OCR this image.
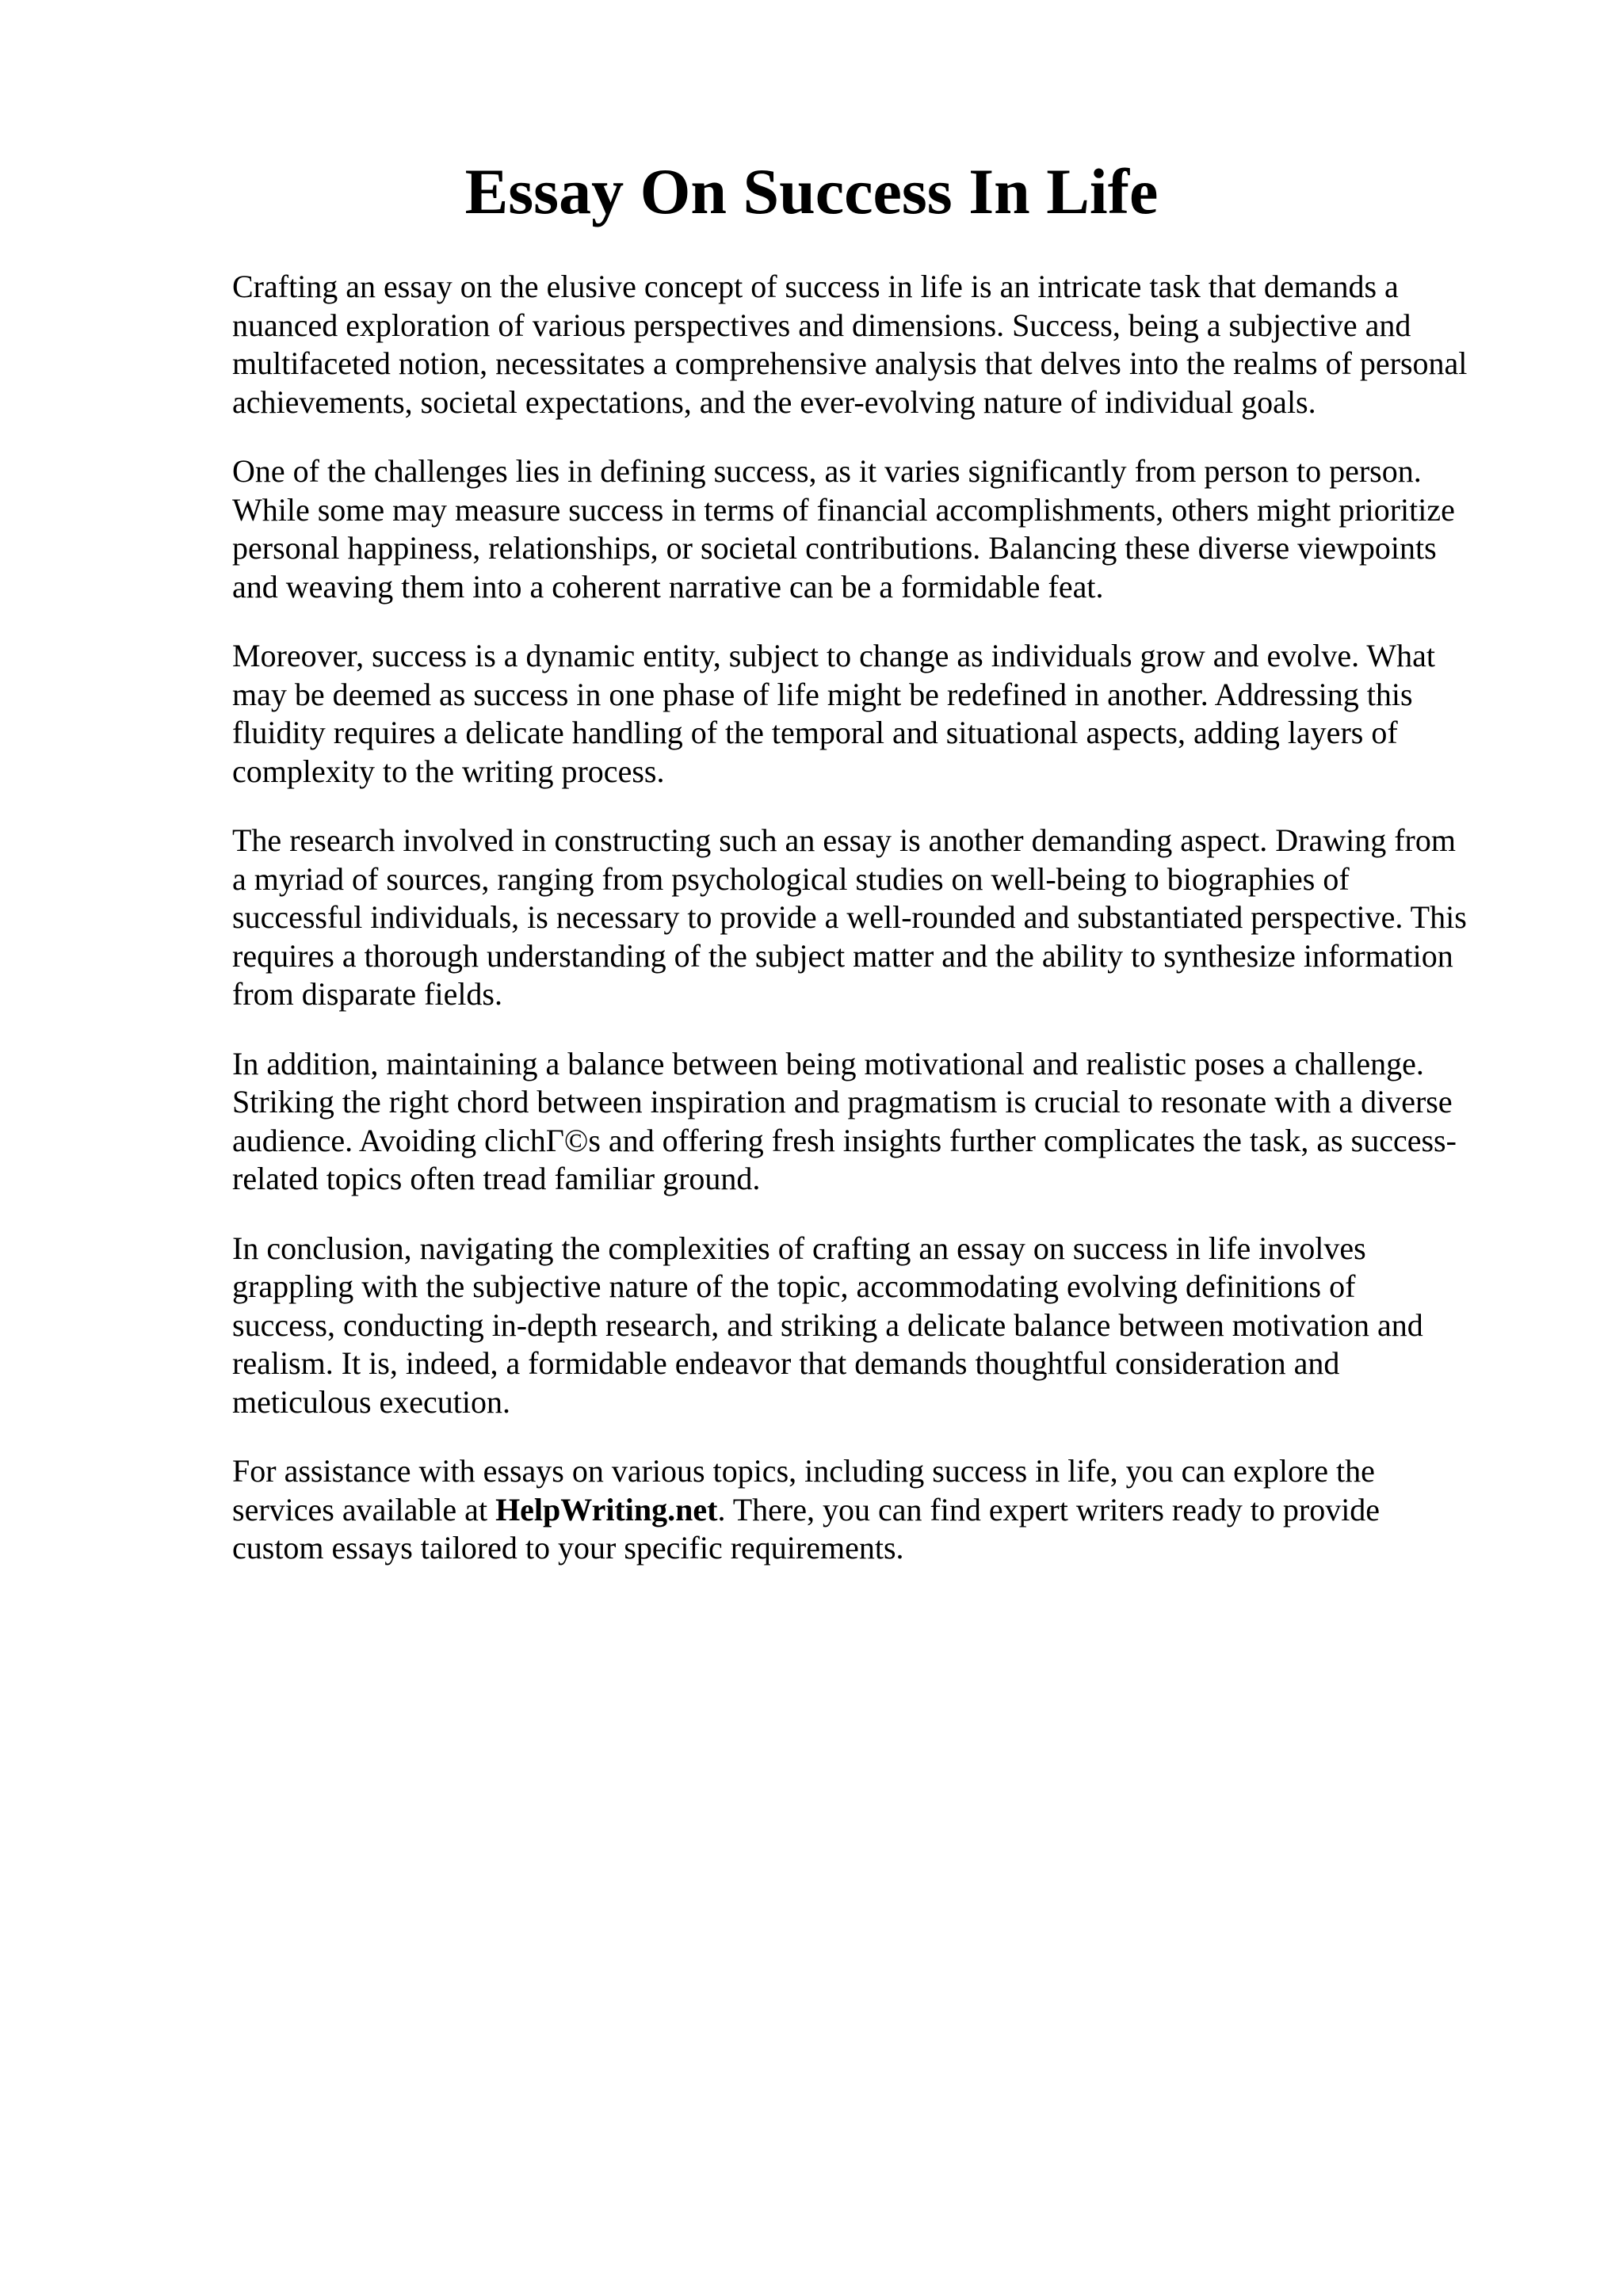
Essay On Success In Life

Crafting an essay on the elusive concept of success in life is an intricate task that demands a
nuanced exploration of various perspectives and dimensions. Success, being a subjective and
multifaceted notion, necessitates a comprehensive analysis that delves into the realms of personal
achievements, societal expectations, and the ever-evolving nature of individual goals.

One of the challenges lies in defining success, as it varies significantly from person to person.
While some may measure success in terms of financial accomplishments, others might prioritize
personal happiness, relationships, or societal contributions. Balancing these diverse viewpoints
and weaving them into a coherent narrative can be a formidable feat.

Moreover, success is a dynamic entity, subject to change as individuals grow and evolve. What
may be deemed as success in one phase of life might be redefined in another. Addressing this
fluidity requires a delicate handling of the temporal and situational aspects, adding layers of
complexity to the writing process.

The research involved in constructing such an essay is another demanding aspect. Drawing from
a myriad of sources, ranging from psychological studies on well-being to biographies of
successful individuals, is necessary to provide a well-rounded and substantiated perspective. This
requires a thorough understanding of the subject matter and the ability to synthesize information
from disparate fields.

In addition, maintaining a balance between being motivational and realistic poses a challenge.
Striking the right chord between inspiration and pragmatism is crucial to resonate with a diverse
audience. Avoiding clichΓ©s and offering fresh insights further complicates the task, as success-
related topics often tread familiar ground.

In conclusion, navigating the complexities of crafting an essay on success in life involves
grappling with the subjective nature of the topic, accommodating evolving definitions of
success, conducting in-depth research, and striking a delicate balance between motivation and
realism. It is, indeed, a formidable endeavor that demands thoughtful consideration and
meticulous execution.

For assistance with essays on various topics, including success in life, you can explore the
services available at HelpWriting.net. There, you can find expert writers ready to provide
custom essays tailored to your specific requirements.
